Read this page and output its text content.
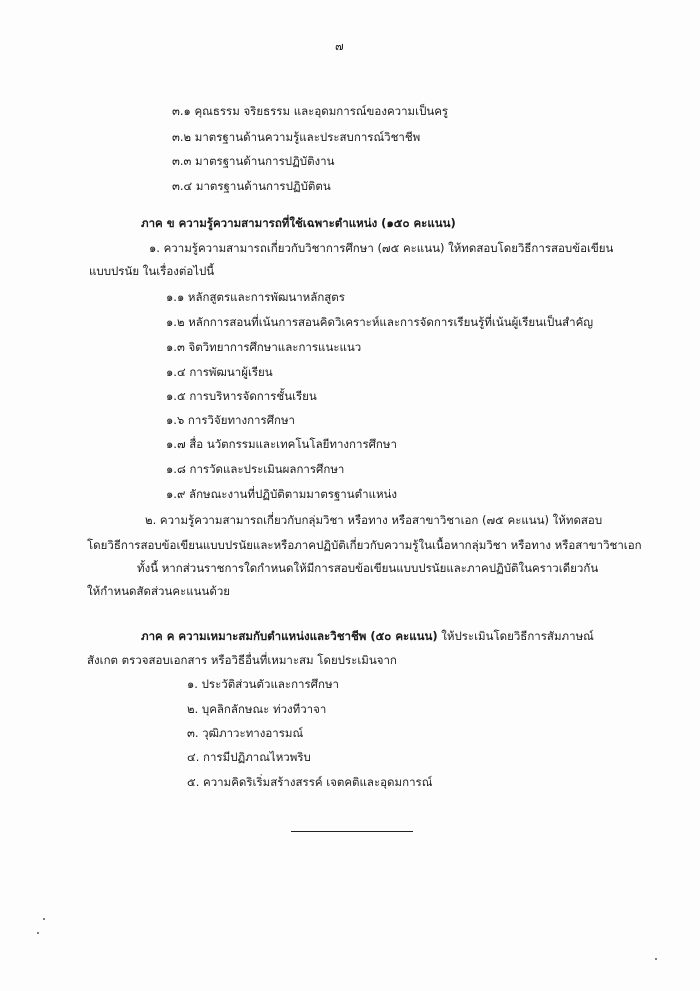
๗
๓.๑ คุณธรรม จริยธรรม และอุดมการณ์ของความเป็นครู
๓.๒ มาตรฐานด้านความรู้และประสบการณ์วิชาชีพ
๓.๓ มาตรฐานด้านการปฏิบัติงาน
๓.๔ มาตรฐานด้านการปฏิบัติตน
ภาค ข ความรู้ความสามารถที่ใช้เฉพาะตำแหน่ง (๑๕๐ คะแนน)
๑. ความรู้ความสามารถเกี่ยวกับวิชาการศึกษา (๗๕ คะแนน) ให้ทดสอบโดยวิธีการสอบข้อเขียน
แบบปรนัย ในเรื่องต่อไปนี้
๑.๑ หลักสูตรและการพัฒนาหลักสูตร
๑.๒ หลักการสอนที่เน้นการสอนคิดวิเคราะห์และการจัดการเรียนรู้ที่เน้นผู้เรียนเป็นสำคัญ
๑.๓ จิตวิทยาการศึกษาและการแนะแนว
๑.๔ การพัฒนาผู้เรียน
๑.๕ การบริหารจัดการชั้นเรียน
๑.๖ การวิจัยทางการศึกษา
๑.๗ สื่อ นวัตกรรมและเทคโนโลยีทางการศึกษา
๑.๘ การวัดและประเมินผลการศึกษา
๑.๙ ลักษณะงานที่ปฏิบัติตามมาตรฐานตำแหน่ง
๒. ความรู้ความสามารถเกี่ยวกับกลุ่มวิชา หรือทาง หรือสาขาวิชาเอก (๗๕ คะแนน) ให้ทดสอบ
โดยวิธีการสอบข้อเขียนแบบปรนัยและหรือภาคปฏิบัติเกี่ยวกับความรู้ในเนื้อหากลุ่มวิชา หรือทาง หรือสาขาวิชาเอก
ทั้งนี้ หากส่วนราชการใดกำหนดให้มีการสอบข้อเขียนแบบปรนัยและภาคปฏิบัติในคราวเดียวกัน
ให้กำหนดสัดส่วนคะแนนด้วย
ภาค ค ความเหมาะสมกับตำแหน่งและวิชาชีพ (๕๐ คะแนน) ให้ประเมินโดยวิธีการสัมภาษณ์
สังเกต ตรวจสอบเอกสาร หรือวิธีอื่นที่เหมาะสม โดยประเมินจาก
๑. ประวัติส่วนตัวและการศึกษา
๒. บุคลิกลักษณะ ท่วงทีวาจา
๓. วุฒิภาวะทางอารมณ์
๔. การมีปฏิภาณไหวพริบ
๕. ความคิดริเริ่มสร้างสรรค์ เจตคติและอุดมการณ์
